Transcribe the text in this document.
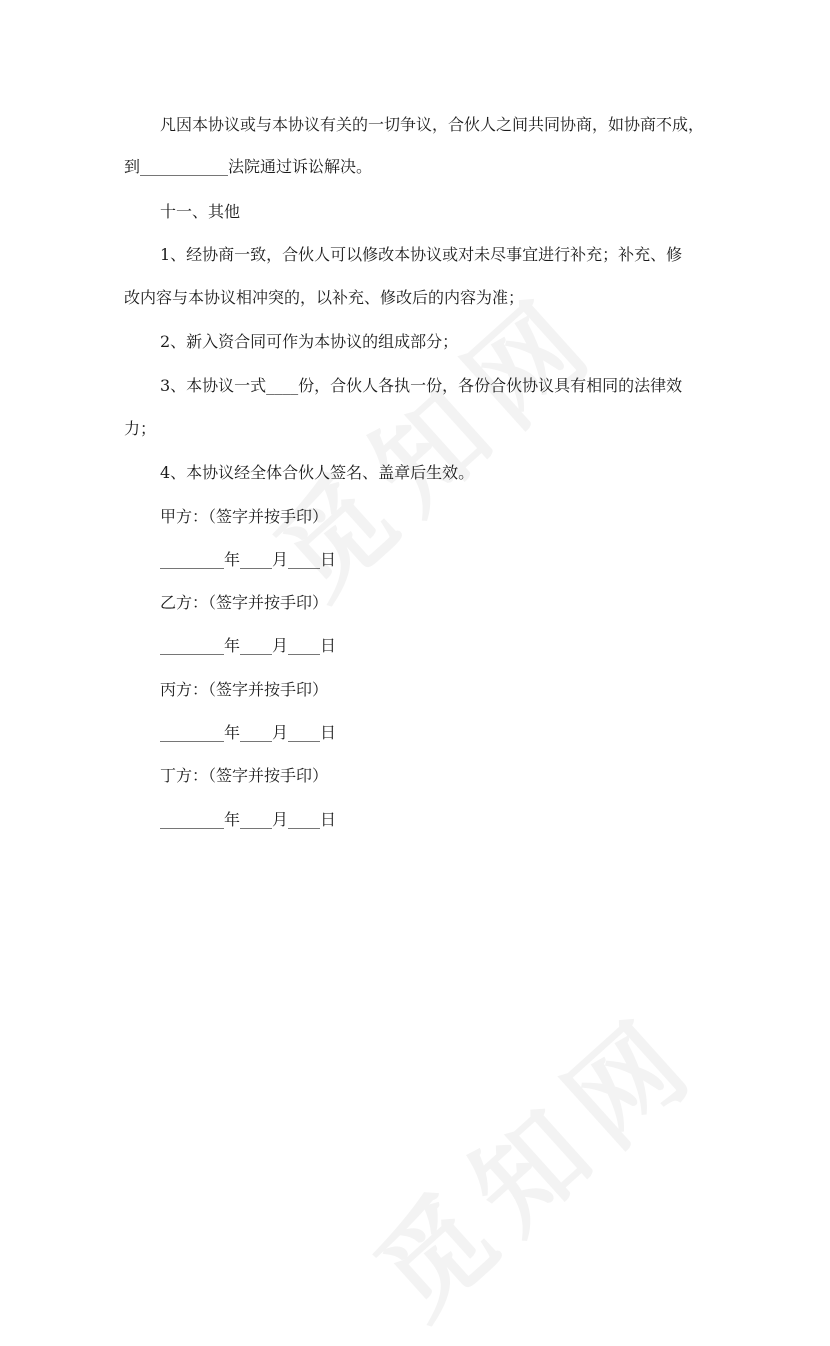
凡因本协议或与本协议有关的一切争议，合伙人之间共同协商，如协商不成，
到___________法院通过诉讼解决。
十一、其他
1、经协商一致，合伙人可以修改本协议或对未尽事宜进行补充；补充、修
改内容与本协议相冲突的，以补充、修改后的内容为准；
2、新入资合同可作为本协议的组成部分；
3、本协议一式____份，合伙人各执一份，各份合伙协议具有相同的法律效
力；
4、本协议经全体合伙人签名、盖章后生效。
甲方：（签字并按手印）
________年____月____日
乙方：（签字并按手印）
________年____月____日
丙方：（签字并按手印）
________年____月____日
丁方：（签字并按手印）
________年____月____日
